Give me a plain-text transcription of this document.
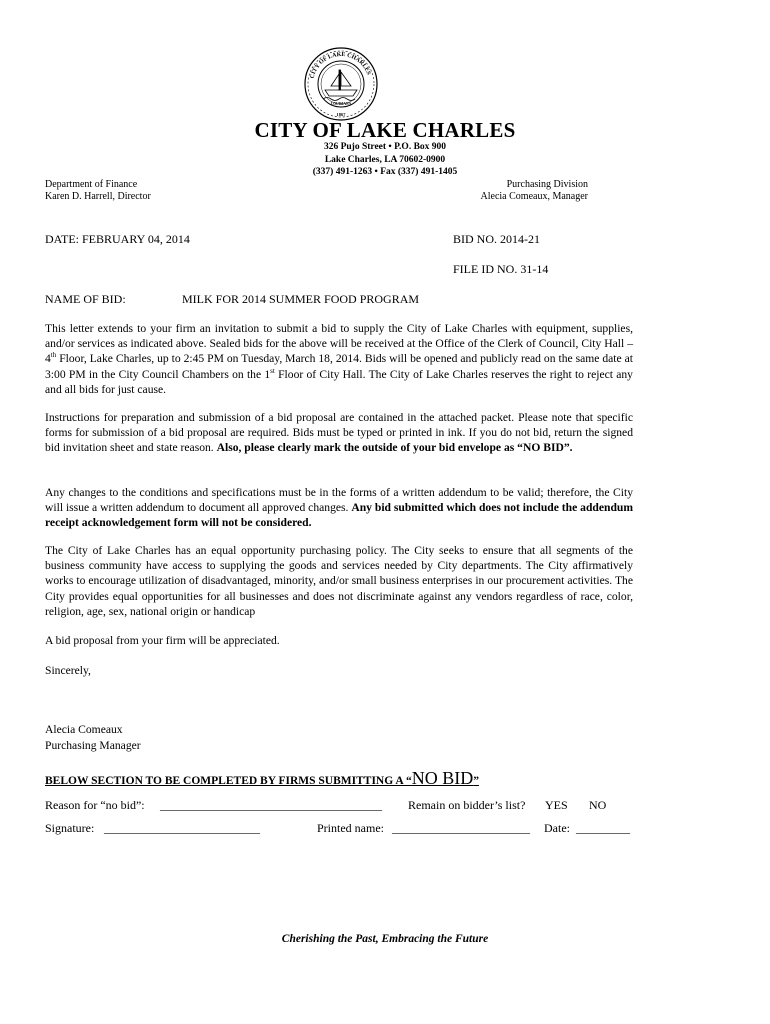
CITY OF LAKE CHARLES
LOUISIANA
1867
CITY OF LAKE CHARLES
326 Pujo Street • P.O. Box 900
Lake Charles, LA 70602-0900
(337) 491-1263 • Fax (337) 491-1405
Department of Finance
Karen D. Harrell, Director
Purchasing Division
Alecia Comeaux, Manager
DATE: FEBRUARY 04, 2014	BID NO. 2014-21
FILE ID NO. 31-14
NAME OF BID:	MILK FOR 2014 SUMMER FOOD PROGRAM
This letter extends to your firm an invitation to submit a bid to supply the City of Lake Charles with equipment, supplies, and/or services as indicated above. Sealed bids for the above will be received at the Office of the Clerk of Council, City Hall – 4th Floor, Lake Charles, up to 2:45 PM on Tuesday, March 18, 2014. Bids will be opened and publicly read on the same date at 3:00 PM in the City Council Chambers on the 1st Floor of City Hall. The City of Lake Charles reserves the right to reject any and all bids for just cause.
Instructions for preparation and submission of a bid proposal are contained in the attached packet. Please note that specific forms for submission of a bid proposal are required. Bids must be typed or printed in ink. If you do not bid, return the signed bid invitation sheet and state reason. Also, please clearly mark the outside of your bid envelope as “NO BID”.
Any changes to the conditions and specifications must be in the forms of a written addendum to be valid; therefore, the City will issue a written addendum to document all approved changes. Any bid submitted which does not include the addendum receipt acknowledgement form will not be considered.
The City of Lake Charles has an equal opportunity purchasing policy. The City seeks to ensure that all segments of the business community have access to supplying the goods and services needed by City departments. The City affirmatively works to encourage utilization of disadvantaged, minority, and/or small business enterprises in our procurement activities. The City provides equal opportunities for all businesses and does not discriminate against any vendors regardless of race, color, religion, age, sex, national origin or handicap
A bid proposal from your firm will be appreciated.
Sincerely,
Alecia Comeaux
Purchasing Manager
BELOW SECTION TO BE COMPLETED BY FIRMS SUBMITTING A “NO BID”
Reason for “no bid”: _____________________________________ Remain on bidder’s list? YES NO
Signature: __________________________	Printed name: _______________________ Date: _________
Cherishing the Past, Embracing the Future
